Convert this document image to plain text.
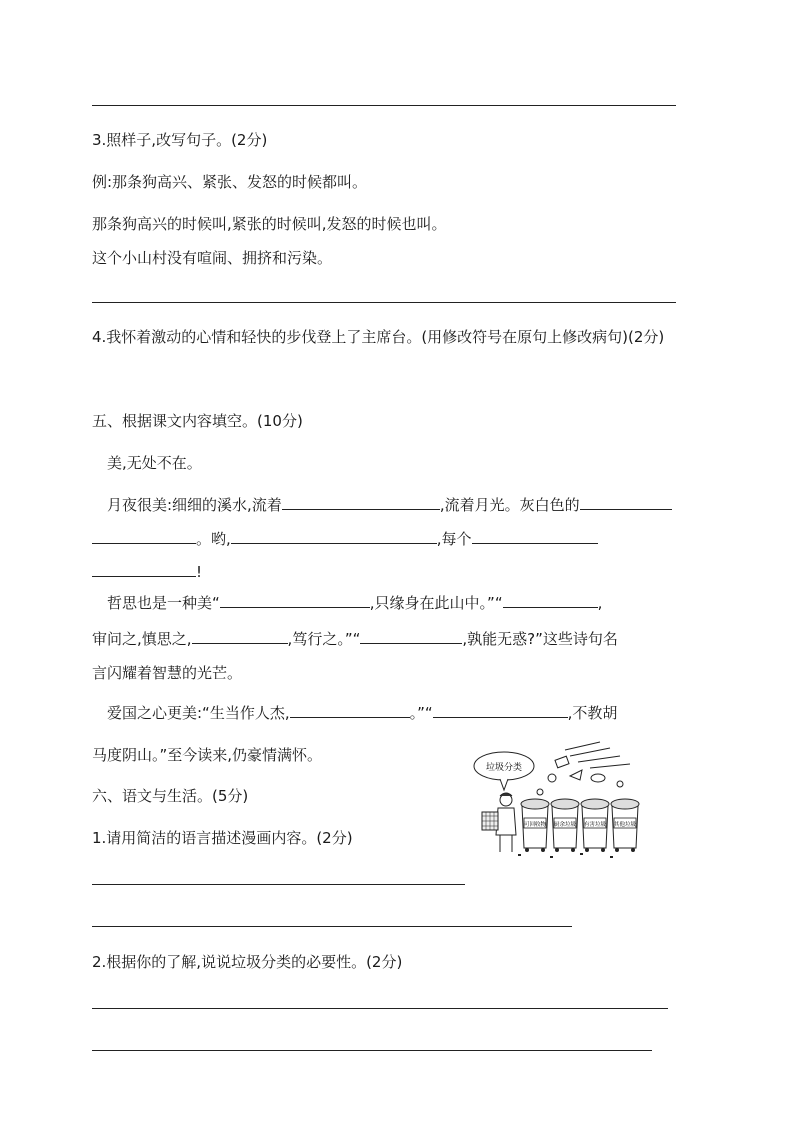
3.照样子,改写句子。(2分)
例:那条狗高兴、紧张、发怒的时候都叫。
那条狗高兴的时候叫,紧张的时候叫,发怒的时候也叫。
这个小山村没有喧闹、拥挤和污染。
4.我怀着激动的心情和轻快的步伐登上了主席台。(用修改符号在原句上修改病句)(2分)
五、根据课文内容填空。(10分)
美,无处不在。
月夜很美:细细的溪水,流着	,流着月光。灰白色的
。哟,	,每个
!
哲思也是一种美“	,只缘身在此山中。”“	,
审问之,慎思之,	,笃行之。”“	,孰能无惑?”这些诗句名
言闪耀着智慧的光芒。
爱国之心更美:“生当作人杰,	。”“	,不教胡
马度阴山。”至今读来,仍豪情满怀。
六、语文与生活。(5分)
1.请用简洁的语言描述漫画内容。(2分)
2.根据你的了解,说说垃圾分类的必要性。(2分)
垃圾分类
可回收物 厨余垃圾 有害垃圾 其他垃圾
